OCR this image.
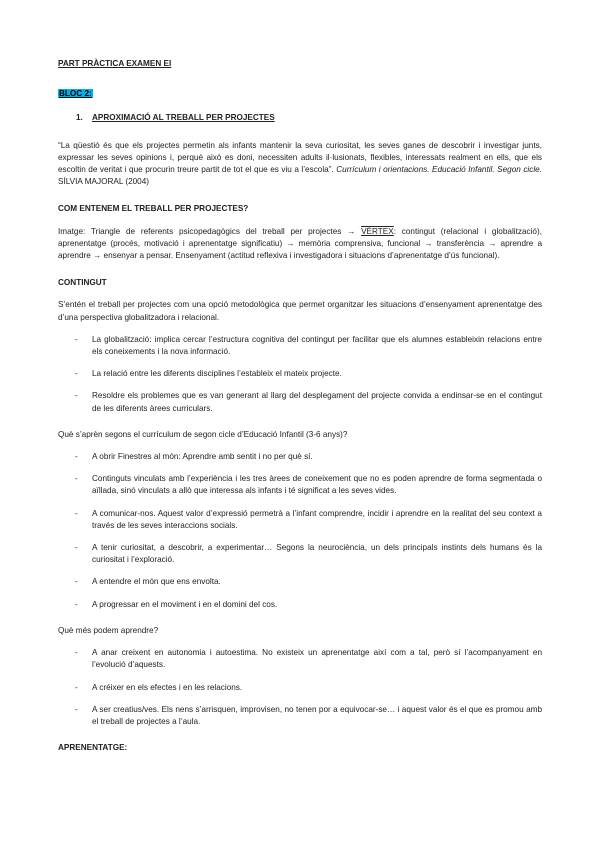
PART PRÀCTICA EXAMEN EI

BLOC 2:

1. APROXIMACIÓ AL TREBALL PER PROJECTES

“La qüestió és que els projectes permetin als infants mantenir la seva curiositat, les seves ganes de descobrir i investigar junts, expressar les seves opinions i, perquè això es doni, necessiten adults il·lusionats, flexibles, interessats realment en ells, que els escoltin de veritat i que procurin treure partit de tot el que es viu a l’escola”. Currículum i orientacions. Educació Infantil. Segon cicle. SÍLVIA MAJORAL (2004)

COM ENTENEM EL TREBALL PER PROJECTES?

Imatge: Triangle de referents psicopedagògics del treball per projectes → VÈRTEX: contingut (relacional i globalització), aprenentatge (procés, motivació i aprenentatge significatiu) → memòria comprensiva, funcional → transferència → aprendre a aprendre → ensenyar a pensar. Ensenyament (actitud reflexiva i investigadora i situacions d’aprenentatge d’ús funcional).

CONTINGUT

S’entén el treball per projectes com una opció metodològica que permet organitzar les situacions d’ensenyament aprenentatge des d’una perspectiva globalitzadora i relacional.

- La globalització: implica cercar l’estructura cognitiva del contingut per facilitar que els alumnes estableixin relacions entre els coneixements i la nova informació.
- La relació entre les diferents disciplines l’estableix el mateix projecte.
- Resoldre els problemes que es van generant al llarg del desplegament del projecte convida a endinsar-se en el contingut de les diferents àrees curriculars.

Què s’aprèn segons el currículum de segon cicle d’Educació Infantil (3-6 anys)?

- A obrir Finestres al món: Aprendre amb sentit i no per què sí.
- Continguts vinculats amb l’experiència i les tres àrees de coneixement que no es poden aprendre de forma segmentada o aïllada, sinó vinculats a allò que interessa als infants i té significat a les seves vides.
- A comunicar-nos. Aquest valor d’expressió permetrà a l’infant comprendre, incidir i aprendre en la realitat del seu context a través de les seves interaccions socials.
- A tenir curiositat, a descobrir, a experimentar… Segons la neurociència, un dels principals instints dels humans és la curiositat i l’exploració.
- A entendre el món que ens envolta.
- A progressar en el moviment i en el domini del cos.

Què més podem aprendre?

- A anar creixent en autonomia i autoestima. No existeix un aprenentatge així com a tal, però sí l’acompanyament en l’evolució d’aquests.
- A créixer en els efectes i en les relacions.
- A ser creatius/ves. Els nens s’arrisquen, improvisen, no tenen por a equivocar-se… i aquest valor és el que es promou amb el treball de projectes a l’aula.

APRENENTATGE:
